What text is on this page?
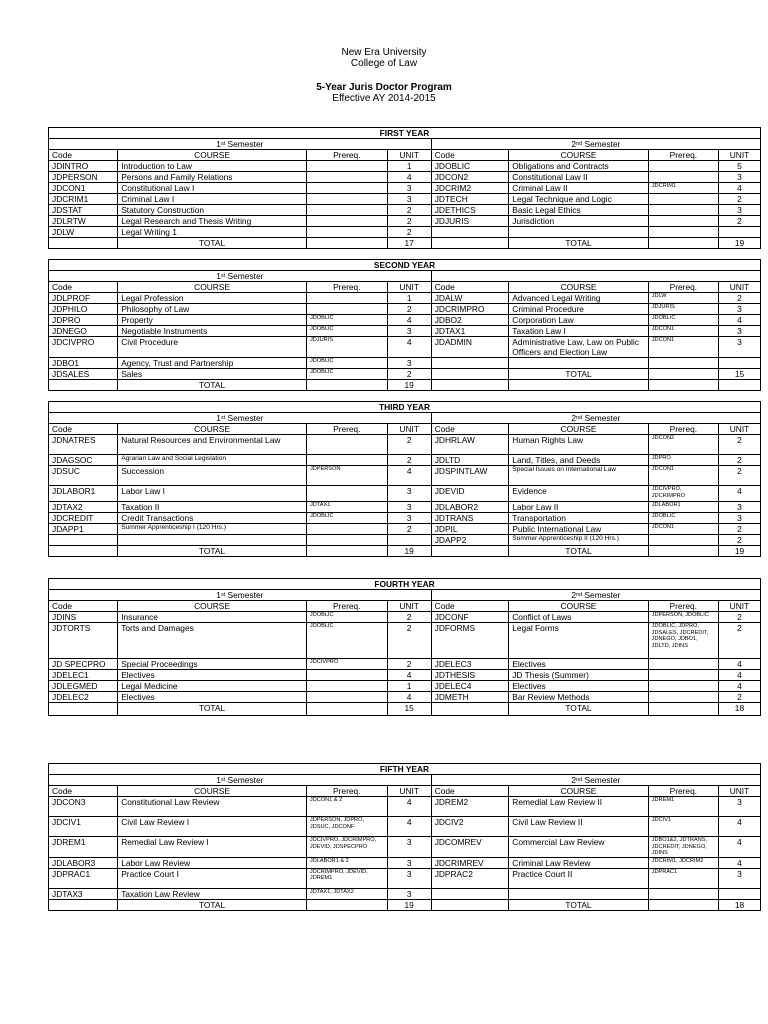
New Era University
College of Law
5-Year Juris Doctor Program
Effective AY 2014-2015
FIRST YEAR							
1st Semester				2nd Semester			
Code	COURSE	Prereq.	UNIT	Code	COURSE	Prereq.	UNIT
JDINTRO	Introduction to Law		1	JDOBLIC	Obligations and Contracts		5
JDPERSON	Persons and Family Relations		4	JDCON2	Constitutional Law II		3
JDCON1	Constitutional Law I		3	JDCRIM2	Criminal Law II	JDCRIM1	4
JDCRIM1	Criminal Law I		3	JDTECH	Legal Technique and Logic		2
JDSTAT	Statutory Construction		2	JDETHICS	Basic Legal Ethics		3
JDLRTW	Legal Research and Thesis Writing		2	JDJURIS	Jurisdiction		2
JDLW	Legal Writing 1		2				
	TOTAL		17		TOTAL		19
SECOND YEAR							
1st Semester							
Code	COURSE	Prereq.	UNIT	Code	COURSE	Prereq.	UNIT
JDLPROF	Legal Profession		1	JDALW	Advanced Legal Writing	JDLW	2
JDPHILO	Philosophy of Law		2	JDCRIMPRO	Criminal Procedure	JDJURIS	3
JDPRO	Property	JDOBLIC	4	JDBO2	Corporation Law	JDOBLIC	4
JDNEGO	Negotiable Instruments	JDOBLIC	3	JDTAX1	Taxation Law I	JDCON1	3
JDCIVPRO	Civil Procedure	JDJURIS	4	JDADMIN	Administrative Law, Law on Public Officers and Election Law	JDCON1	3
JDBO1	Agency, Trust and Partnership	JDOBLIC	3				
JDSALES	Sales	JDOBLIC	2		TOTAL		15
	TOTAL		19				
THIRD YEAR							
1st Semester				2nd Semester			
Code	COURSE	Prereq.	UNIT	Code	COURSE	Prereq.	UNIT
JDNATRES	Natural Resources and Environmental Law		2	JDHRLAW	Human Rights Law	JDCON2	2
JDAGSOC	Agrarian Law and Social Legislation		2	JDLTD	Land, Titles, and Deeds	JDPRO	2
JDSUC	Succession	JDPERSON	4	JDSPINTLAW	Special Issues on International Law	JDCON1	2
JDLABOR1	Labor Law I		3	JDEVID	Evidence	JDCIVPRO, JDCRIMPRO	4
JDTAX2	Taxation II	JDTAX1	3	JDLABOR2	Labor Law II	JDLABOR1	3
JDCREDIT	Credit Transactions	JDOBLIC	3	JDTRANS	Transportation	JDOBLIC	3
JDAPP1	Summer Apprenticeship I (120 Hrs.)		2	JDPIL	Public International Law	JDCON1	2
				JDAPP2	Summer Apprenticeship II (120 Hrs.)		2
	TOTAL		19		TOTAL		19
FOURTH YEAR							
1st Semester				2nd Semester			
Code	COURSE	Prereq.	UNIT	Code	COURSE	Prereq.	UNIT
JDINS	Insurance	JDOBLIC	2	JDCONF	Conflict of Laws	JDPERSON, JDOBLIC	2
JDTORTS	Torts and Damages	JDOBLIC	2	JDFORMS	Legal Forms	JDOBLIC, JDPRO, JDSALES, JDCREDIT, JDNEGO, JDBO1, JDLTD, JDINS	2
JD SPECPRO	Special Proceedings	JDCIVPRO	2	JDELEC3	Electives		4
JDELEC1	Electives		4	JDTHESIS	JD Thesis (Summer)		4
JDLEGMED	Legal Medicine		1	JDELEC4	Electives		4
JDELEC2	Electives		4	JDMETH	Bar Review Methods		2
	TOTAL		15		TOTAL		18
FIFTH YEAR							
1st Semester				2nd Semester			
Code	COURSE	Prereq.	UNIT	Code	COURSE	Prereq.	UNIT
JDCON3	Constitutional Law Review	JDCON1 & 2	4	JDREM2	Remedial Law Review II	JDREM1	3
JDCIV1	Civil Law Review I	JDPERSON, JDPRO, JDSUC, JDCONF	4	JDCIV2	Civil Law Review II	JDCIV1	4
JDREM1	Remedial Law Review I	JDCIVPRO, JDCRIMPRO, JDEVID, JDSPECPRO	3	JDCOMREV	Commercial Law Review	JDBO1&2, JDTRANS, JDCREDIT, JDNEGO, JDINS	4
JDLABOR3	Labor Law Review	JDLABOR1 & 2	3	JDCRIMREV	Criminal Law Review	JDCRIM1, JDCRIM2	4
JDPRAC1	Practice Court I	JDCRIMPRO, JDEVID, JDREM1	3	JDPRAC2	Practice Court II	JDPRAC1	3
JDTAX3	Taxation Law Review	JDTAX1, JDTAX2	3				
	TOTAL		19		TOTAL		18
